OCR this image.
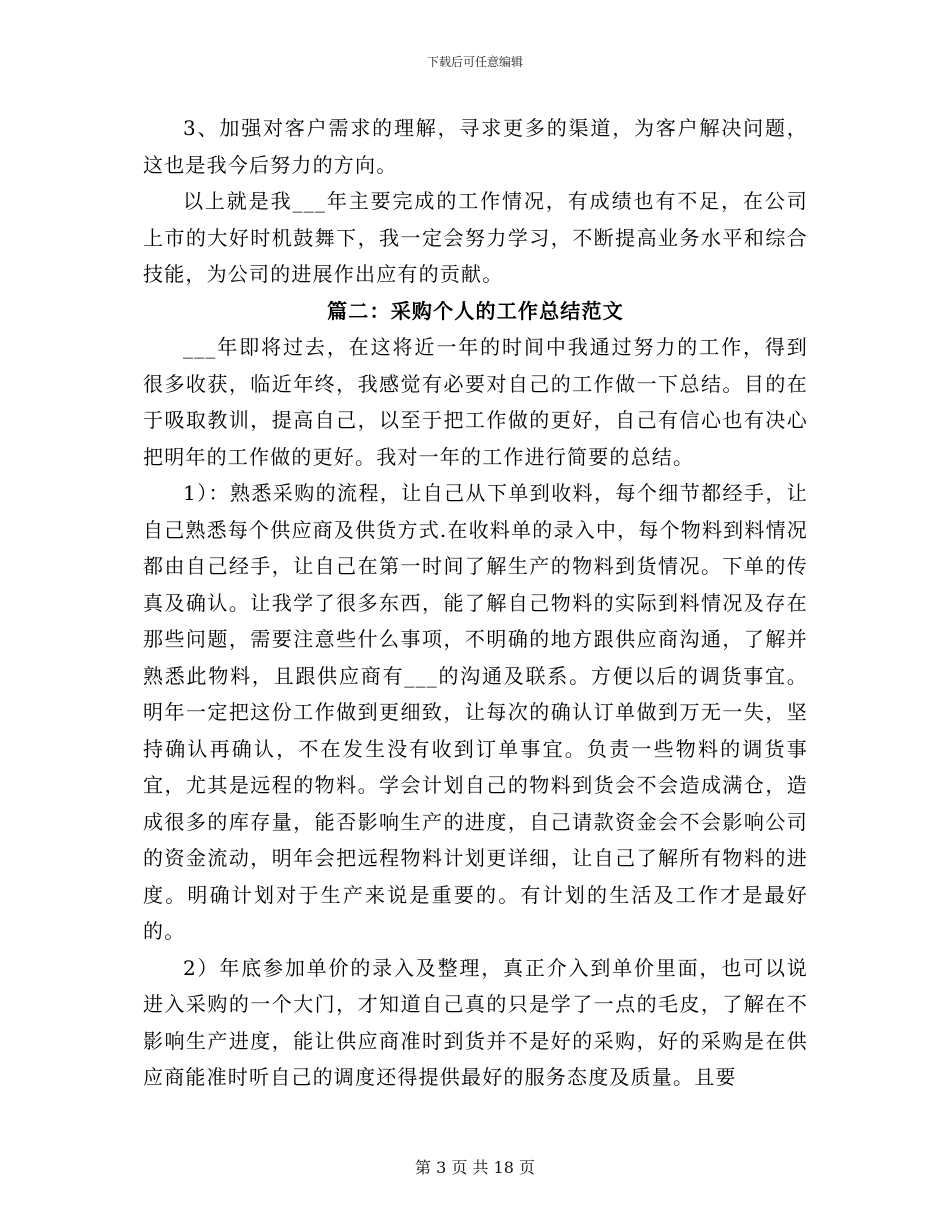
下载后可任意编辑

3、加强对客户需求的理解，寻求更多的渠道，为客户解决问题，这也是我今后努力的方向。

以上就是我___年主要完成的工作情况，有成绩也有不足，在公司上市的大好时机鼓舞下，我一定会努力学习，不断提高业务水平和综合技能，为公司的进展作出应有的贡献。

篇二：采购个人的工作总结范文

___年即将过去，在这将近一年的时间中我通过努力的工作，得到很多收获，临近年终，我感觉有必要对自己的工作做一下总结。目的在于吸取教训，提高自己，以至于把工作做的更好，自己有信心也有决心把明年的工作做的更好。我对一年的工作进行简要的总结。

1）：熟悉采购的流程，让自己从下单到收料，每个细节都经手，让自己熟悉每个供应商及供货方式.在收料单的录入中，每个物料到料情况都由自己经手，让自己在第一时间了解生产的物料到货情况。下单的传真及确认。让我学了很多东西，能了解自己物料的实际到料情况及存在那些问题，需要注意些什么事项，不明确的地方跟供应商沟通，了解并熟悉此物料，且跟供应商有___的沟通及联系。方便以后的调货事宜。明年一定把这份工作做到更细致，让每次的确认订单做到万无一失，坚持确认再确认，不在发生没有收到订单事宜。负责一些物料的调货事宜，尤其是远程的物料。学会计划自己的物料到货会不会造成满仓，造成很多的库存量，能否影响生产的进度，自己请款资金会不会影响公司的资金流动，明年会把远程物料计划更详细，让自己了解所有物料的进度。明确计划对于生产来说是重要的。有计划的生活及工作才是最好的。

2）年底参加单价的录入及整理，真正介入到单价里面，也可以说进入采购的一个大门，才知道自己真的只是学了一点的毛皮，了解在不影响生产进度，能让供应商准时到货并不是好的采购，好的采购是在供应商能准时听自己的调度还得提供最好的服务态度及质量。且要

第 3 页 共 18 页
